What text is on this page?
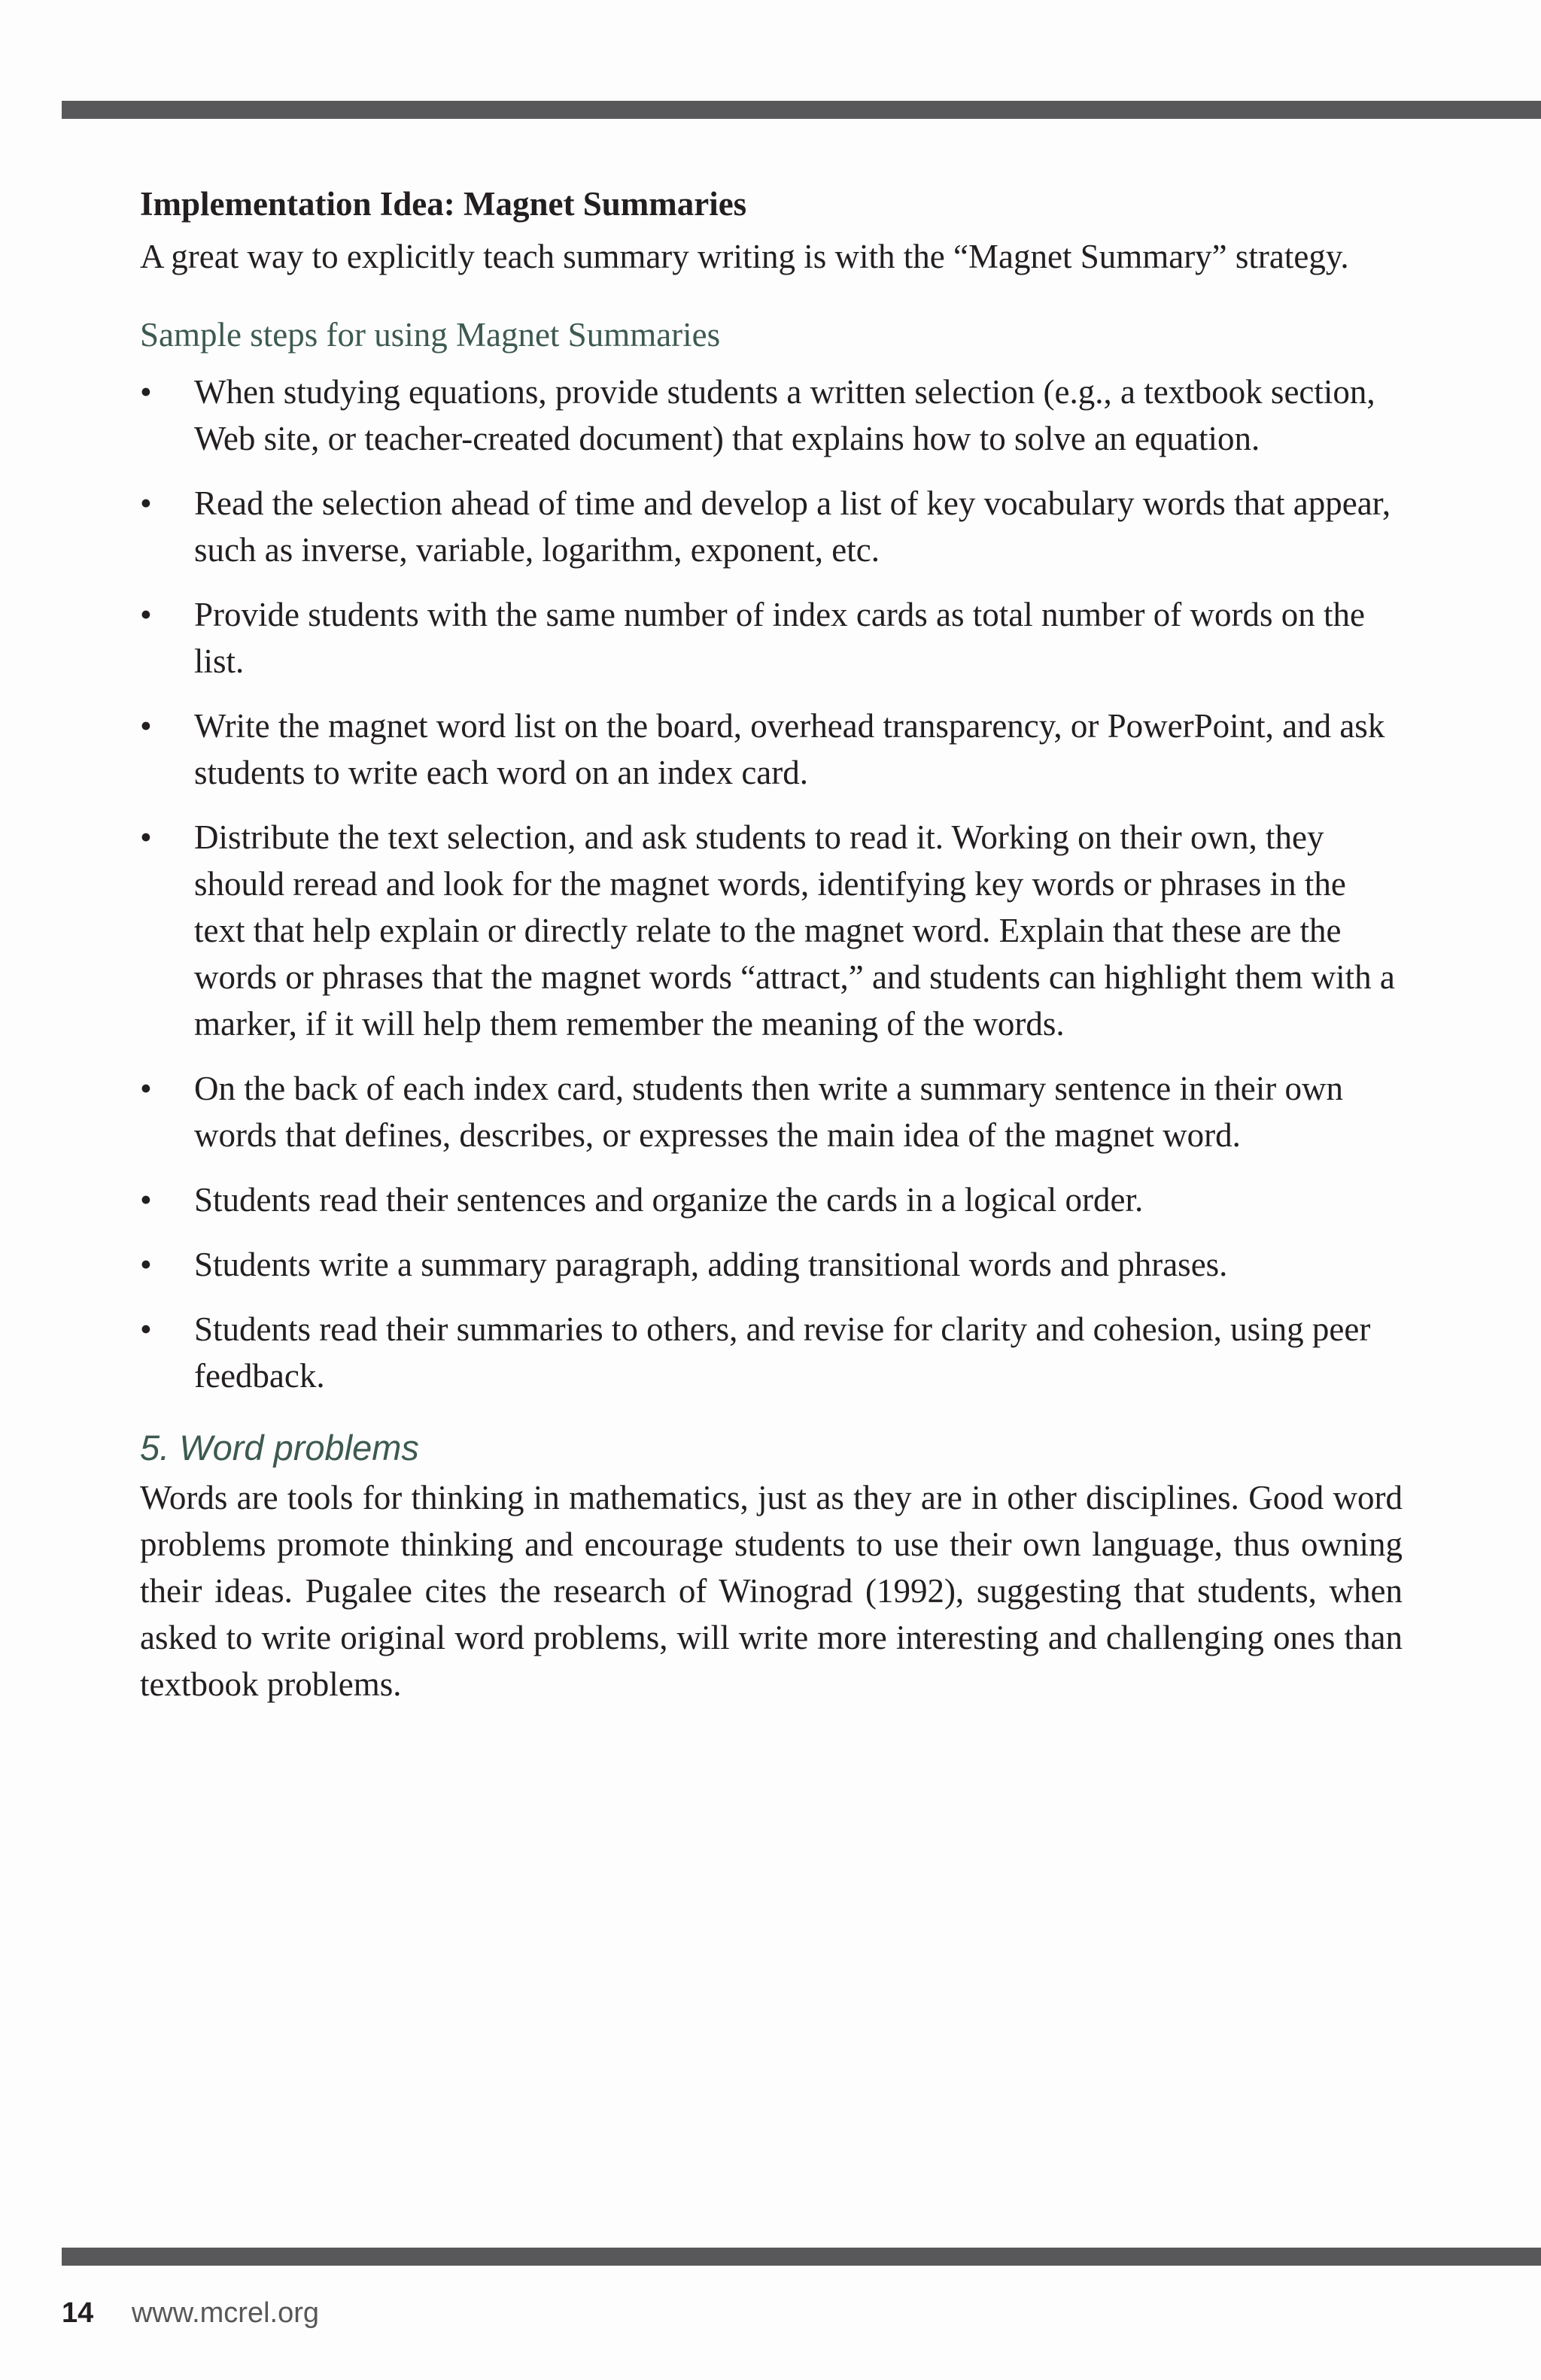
Implementation Idea: Magnet Summaries

A great way to explicitly teach summary writing is with the “Magnet Summary” strategy.

Sample steps for using Magnet Summaries

• When studying equations, provide students a written selection (e.g., a textbook section, Web site, or teacher-created document) that explains how to solve an equation.
• Read the selection ahead of time and develop a list of key vocabulary words that appear, such as inverse, variable, logarithm, exponent, etc.
• Provide students with the same number of index cards as total number of words on the list.
• Write the magnet word list on the board, overhead transparency, or PowerPoint, and ask students to write each word on an index card.
• Distribute the text selection, and ask students to read it. Working on their own, they should reread and look for the magnet words, identifying key words or phrases in the text that help explain or directly relate to the magnet word. Explain that these are the words or phrases that the magnet words “attract,” and students can highlight them with a marker, if it will help them remember the meaning of the words.
• On the back of each index card, students then write a summary sentence in their own words that defines, describes, or expresses the main idea of the magnet word.
• Students read their sentences and organize the cards in a logical order.
• Students write a summary paragraph, adding transitional words and phrases.
• Students read their summaries to others, and revise for clarity and cohesion, using peer feedback.

5. Word problems

Words are tools for thinking in mathematics, just as they are in other disciplines. Good word problems promote thinking and encourage students to use their own language, thus owning their ideas. Pugalee cites the research of Winograd (1992), suggesting that students, when asked to write original word problems, will write more interesting and challenging ones than textbook problems.

14 www.mcrel.org
